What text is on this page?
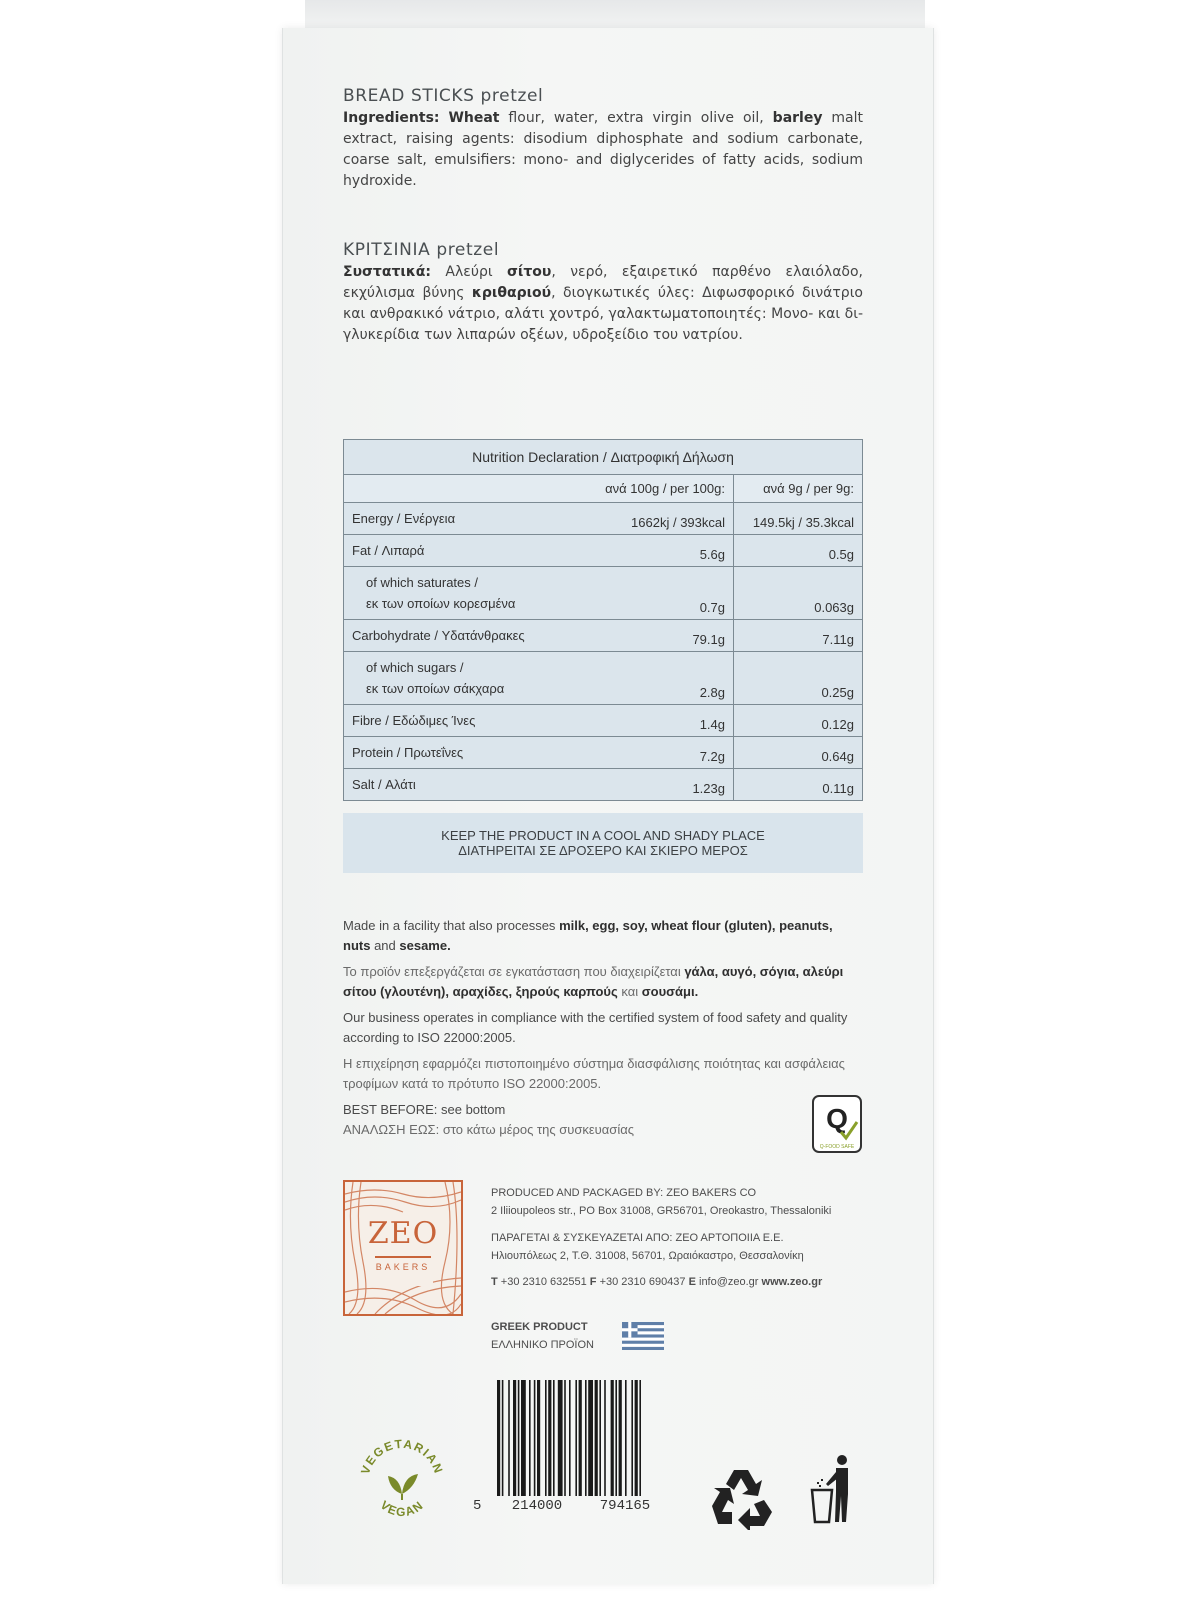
BREAD STICKS pretzel
Ingredients: Wheat flour, water, extra virgin olive oil, barley malt extract, raising agents: disodium diphosphate and sodium carbonate, coarse salt, emulsifiers: mono- and diglycerides of fatty acids, sodium hydroxide.
ΚΡΙΤΣΙΝΙΑ pretzel
Συστατικά: Αλεύρι σίτου, νερό, εξαιρετικό παρθένο ελαιόλαδο, εκχύλισμα βύνης κριθαριού, διογκωτικές ύλες: Διφωσφορικό δινάτριο και ανθρακικό νάτριο, αλάτι χοντρό, γαλακτωματοποιητές: Μονο- και δι-γλυκερίδια των λιπαρών οξέων, υδροξείδιο του νατρίου.
Nutrition Declaration / Διατροφική Δήλωση		
	ανά 100g / per 100g:	ανά 9g / per 9g:
Energy / Ενέργεια	1662kj / 393kcal	149.5kj / 35.3kcal
Fat / Λιπαρά	5.6g	0.5g

of which saturates /
εκ των οποίων κορεσμένα	0.7g	0.063g
Carbohydrate / Υδατάνθρακες	79.1g	7.11g

of which sugars /
εκ των οποίων σάκχαρα	2.8g	0.25g
Fibre / Εδώδιμες Ίνες	1.4g	0.12g
Protein / Πρωτεΐνες	7.2g	0.64g
Salt / Αλάτι	1.23g	0.11g
KEEP THE PRODUCT IN A COOL AND SHADY PLACE
ΔΙΑΤΗΡΕΙΤΑΙ ΣΕ ΔΡΟΣΕΡΟ ΚΑΙ ΣΚΙΕΡΟ ΜΕΡΟΣ
Made in a facility that also processes milk, egg, soy, wheat flour (gluten), peanuts, nuts and sesame.
Το προϊόν επεξεργάζεται σε εγκατάσταση που διαχειρίζεται γάλα, αυγό, σόγια, αλεύρι σίτου (γλουτένη), αραχίδες, ξηρούς καρπούς και σουσάμι.
Our business operates in compliance with the certified system of food safety and quality according to ISO 22000:2005.
Η επιχείρηση εφαρμόζει πιστοποιημένο σύστημα διασφάλισης ποιότητας και ασφάλειας τροφίμων κατά το πρότυπο ISO 22000:2005.
BEST BEFORE: see bottom
ΑΝΑΛΩΣΗ ΕΩΣ: στο κάτω μέρος της συσκευασίας	Q
Q-FOOD SAFE
ΖΕΟ
BAKERS
PRODUCED AND PACKAGED BY: ZEO BAKERS CO
2 Iliioupoleos str., PO Box 31008, GR56701, Oreokastro, Thessaloniki
ΠΑΡΑΓΕΤΑΙ & ΣΥΣΚΕΥΑΖΕΤΑΙ ΑΠΟ: ΖΕΟ ΑΡΤΟΠΟΙΙΑ Ε.Ε.
Ηλιουπόλεως 2, Τ.Θ. 31008, 56701, Ωραιόκαστρο, Θεσσαλονίκη
T +30 2310 632551 F +30 2310 690437 E info@zeo.gr www.zeo.gr
GREEK PRODUCT
ΕΛΛΗΝΙΚΟ ΠΡΟΪΟΝ
VEGETARIAN
VEGAN	5	214000	794165
